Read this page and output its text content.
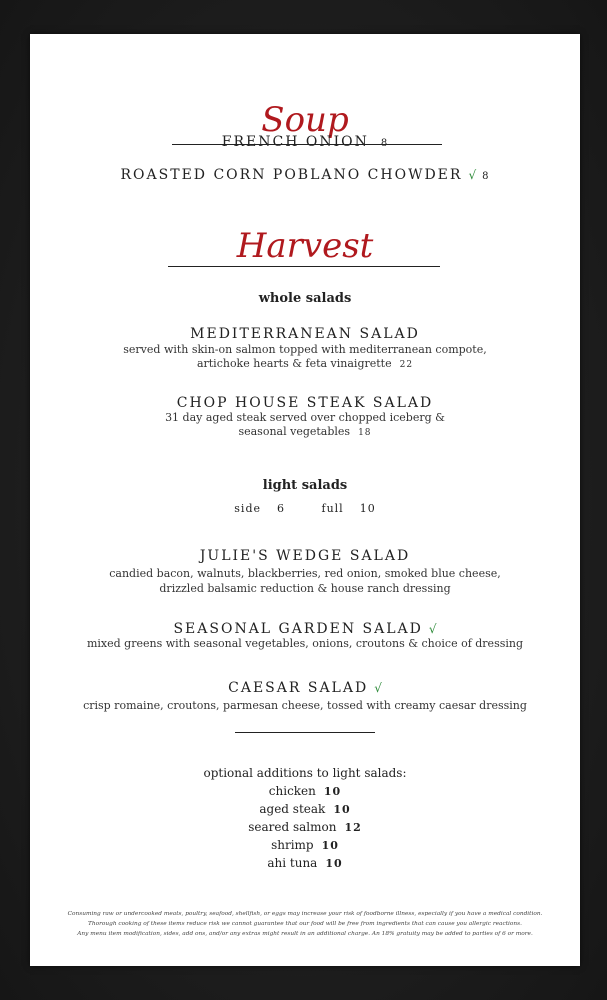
Soup
FRENCH ONION 8
ROASTED CORN POBLANO CHOWDER √ 8
Harvest
whole salads
MEDITERRANEAN SALAD
served with skin-on salmon topped with mediterranean compote,
artichoke hearts & feta vinaigrette 22
CHOP HOUSE STEAK SALAD
31 day aged steak served over chopped iceberg &
seasonal vegetables 18
light salads
side 6	full 10
JULIE'S WEDGE SALAD
candied bacon, walnuts, blackberries, red onion, smoked blue cheese,
drizzled balsamic reduction & house ranch dressing
SEASONAL GARDEN SALAD √
mixed greens with seasonal vegetables, onions, croutons & choice of dressing
CAESAR SALAD √
crisp romaine, croutons, parmesan cheese, tossed with creamy caesar dressing
optional additions to light salads:
chicken 10
aged steak 10
seared salmon 12
shrimp 10
ahi tuna 10
Consuming raw or undercooked meats, poultry, seafood, shellfish, or eggs may increase your risk of foodborne illness, especially if you have a medical condition.
Thorough cooking of these items reduce risk we cannot guarantee that our food will be free from ingredients that can cause you allergic reactions.
Any menu item modification, sides, add ons, and/or any extras might result in an additional charge. An 18% gratuity may be added to parties of 6 or more.
